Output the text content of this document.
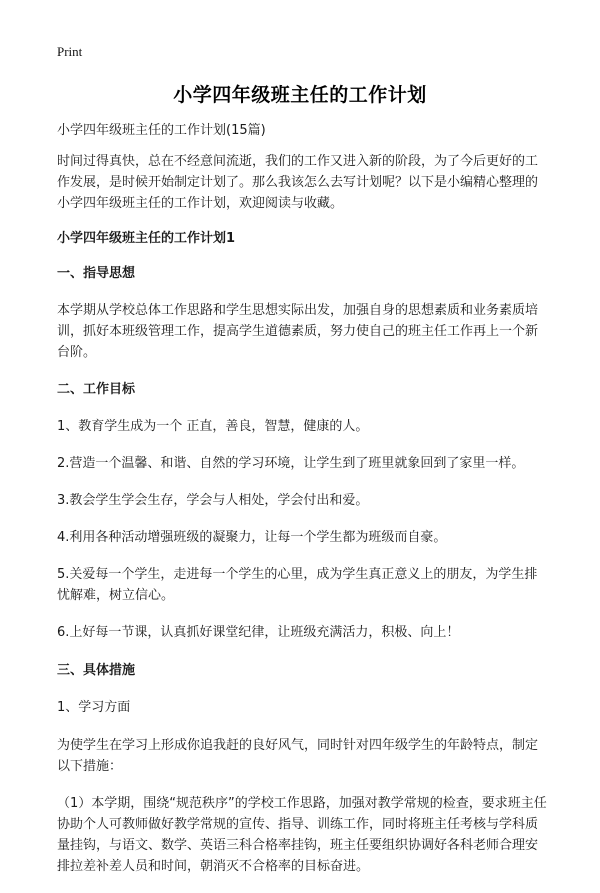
Print
小学四年级班主任的工作计划

小学四年级班主任的工作计划(15篇)

时间过得真快，总在不经意间流逝，我们的工作又进入新的阶段，为了今后更好的工作发展，是时候开始制定计划了。那么我该怎么去写计划呢？以下是小编精心整理的小学四年级班主任的工作计划，欢迎阅读与收藏。

小学四年级班主任的工作计划1

一、指导思想

本学期从学校总体工作思路和学生思想实际出发，加强自身的思想素质和业务素质培训，抓好本班级管理工作，提高学生道德素质，努力使自己的班主任工作再上一个新台阶。

二、工作目标

1、教育学生成为一个 正直，善良，智慧，健康的人。

2.营造一个温馨、和谐、自然的学习环境，让学生到了班里就象回到了家里一样。

3.教会学生学会生存，学会与人相处，学会付出和爱。

4.利用各种活动增强班级的凝聚力，让每一个学生都为班级而自豪。

5.关爱每一个学生，走进每一个学生的心里，成为学生真正意义上的朋友，为学生排忧解难，树立信心。

6.上好每一节课，认真抓好课堂纪律，让班级充满活力，积极、向上！

三、具体措施

1、学习方面

为使学生在学习上形成你追我赶的良好风气，同时针对四年级学生的年龄特点，制定以下措施：

（1）本学期，围绕“规范秩序”的学校工作思路，加强对教学常规的检查，要求班主任协助个人可教师做好教学常规的宣传、指导、训练工作，同时将班主任考核与学科质量挂钩，与语文、数学、英语三科合格率挂钩，班主任要组织协调好各科老师合理安排拉差补差人员和时间，朝消灭不合格率的目标奋进。
